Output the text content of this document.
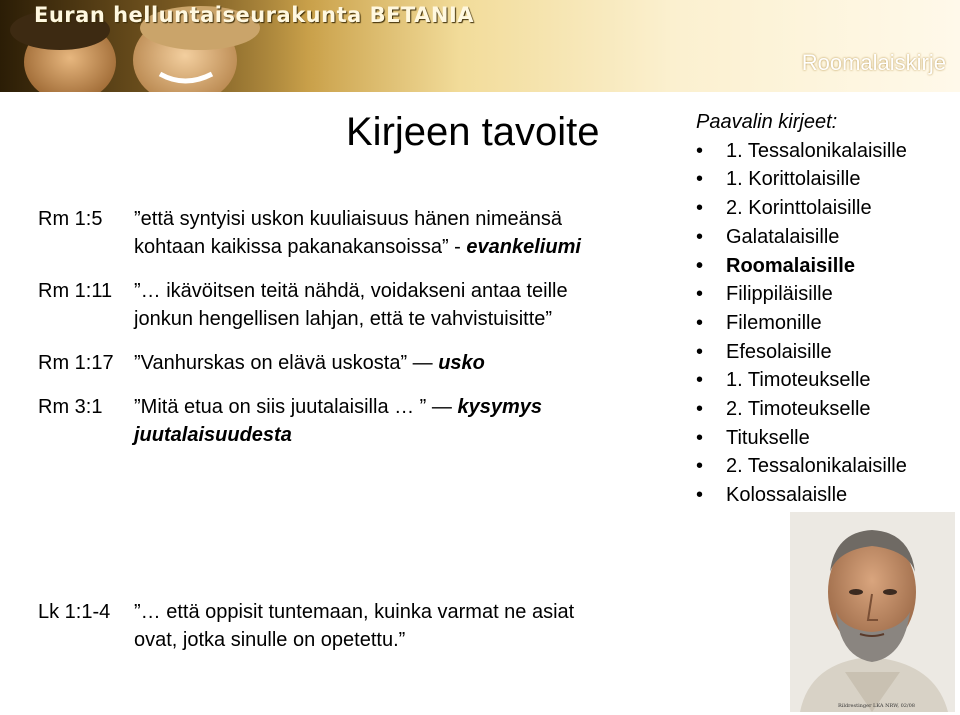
Euran helluntaiseurakunta BETANIA
Roomalaiskirje
Kirjeen tavoite
Rm 1:5	”että syntyisi uskon kuuliaisuus hänen nimeänsä kohtaan kaikissa pakanakansoissa” - evankeliumi
Rm 1:11	”… ikävöitsen teitä nähdä, voidakseni antaa teille jonkun hengellisen lahjan, että te vahvistuisitte”
Rm 1:17	”Vanhurskas on elävä uskosta” — usko
Rm 3:1	”Mitä etua on siis juutalaisilla … ” — kysymys juutalaisuudesta
Paavalin kirjeet:
• 1. Tessalonikalaisille
• 1. Korittolaisille
• 2. Korinttolaisille
• Galatalaisille
• Roomalaisille
• Filippiläisille
• Filemonille
• Efesolaisille
• 1. Timoteukselle
• 2. Timoteukselle
• Titukselle
• 2. Tessalonikalaisille
• Kolossalaislle
Rildrestinger LKA NRW, 02/08
Lk 1:1-4	”… että oppisit tuntemaan, kuinka varmat ne asiat ovat, jotka sinulle on opetettu.”
